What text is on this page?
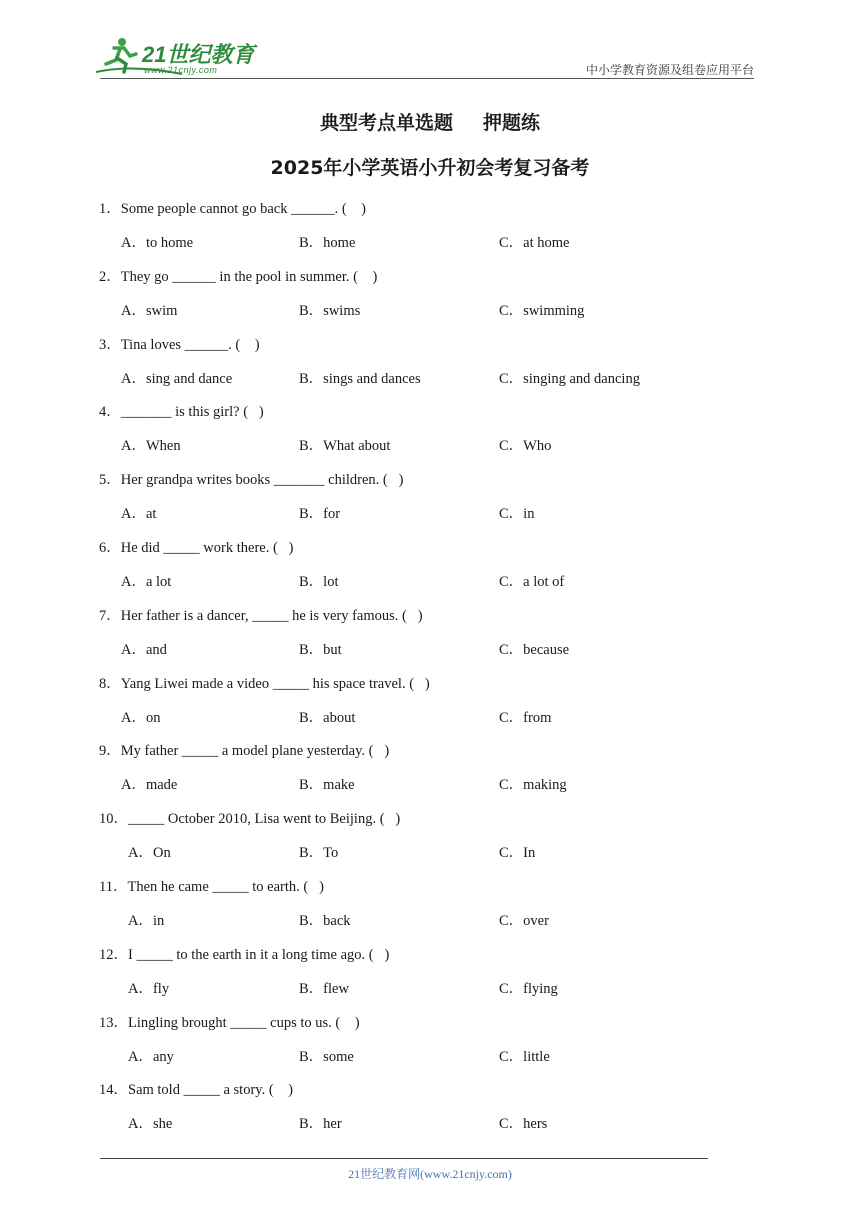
21世纪教育
www.21cnjy.com	中小学教育资源及组卷应用平台
典型考点单选题 押题练
2025年小学英语小升初会考复习备考
1．Some people cannot go back ______. (    )
A．to home	B．home	C．at home
2．They go ______ in the pool in summer. (    )
A．swim	B．swims	C．swimming
3．Tina loves ______. (    )
A．sing and dance	B．sings and dances	C．singing and dancing
4．_______ is this girl? (   )
A．When	B．What about	C．Who
5．Her grandpa writes books _______ children. (   )
A．at	B．for	C．in
6．He did _____ work there. (   )
A．a lot	B．lot	C．a lot of
7．Her father is a dancer, _____ he is very famous. (   )
A．and	B．but	C．because
8．Yang Liwei made a video _____ his space travel. (   )
A．on	B．about	C．from
9．My father _____ a model plane yesterday. (   )
A．made	B．make	C．making
10．_____ October 2010, Lisa went to Beijing. (   )
A．On	B．To	C．In
11．Then he came _____ to earth. (   )
A．in	B．back	C．over
12．I _____ to the earth in it a long time ago. (   )
A．fly	B．flew	C．flying
13．Lingling brought _____ cups to us. (    )
A．any	B．some	C．little
14．Sam told _____ a story. (    )
A．she	B．her	C．hers
21世纪教育网(www.21cnjy.com)
